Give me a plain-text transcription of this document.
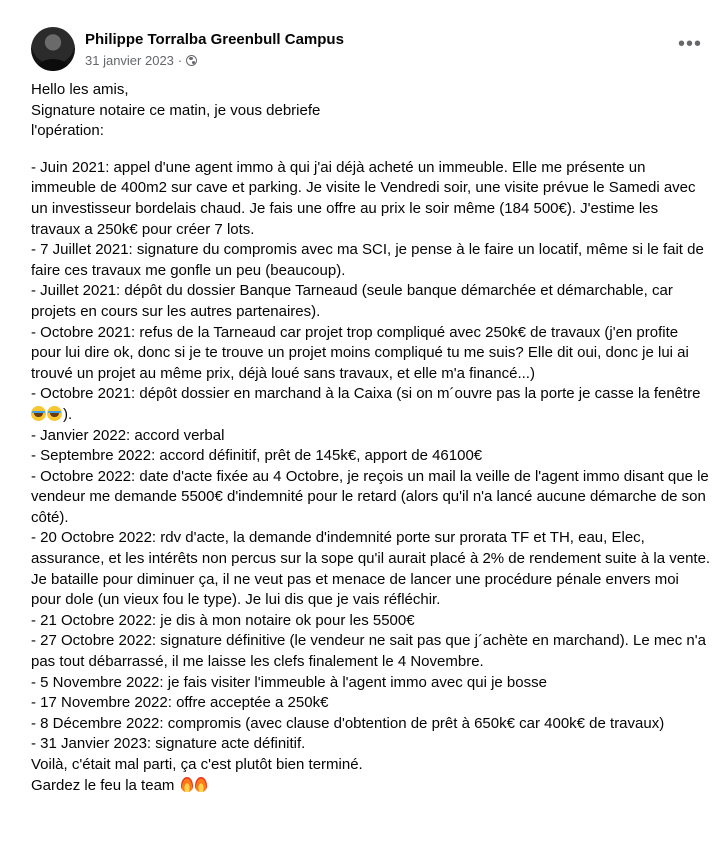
Philippe Torralba Greenbull Campus
31 janvier 2023 ·
•••

Hello les amis,

Signature notaire ce matin, je vous debriefe
l'opération:

- Juin 2021: appel d'une agent immo à qui j'ai déjà acheté un immeuble. Elle me présente un immeuble de 400m2 sur cave et parking. Je visite le Vendredi soir, une visite prévue le Samedi avec un investisseur bordelais chaud. Je fais une offre au prix le soir même (184 500€). J'estime les travaux a 250k€ pour créer 7 lots.

- 7 Juillet 2021: signature du compromis avec ma SCI, je pense à le faire un locatif, même si le fait de faire ces travaux me gonfle un peu (beaucoup).

- Juillet 2021: dépôt du dossier Banque Tarneaud (seule banque démarchée et démarchable, car projets en cours sur les autres partenaires).

- Octobre 2021: refus de la Tarneaud car projet trop compliqué avec 250k€ de travaux (j'en profite pour lui dire ok, donc si je te trouve un projet moins compliqué tu me suis? Elle dit oui, donc je lui ai trouvé un projet au même prix, déjà loué sans travaux, et elle m'a financé...)

- Octobre 2021: dépôt dossier en marchand à la Caixa (si on m´ouvre pas la porte je casse la fenêtre ).

- Janvier 2022: accord verbal

- Septembre 2022: accord définitif, prêt de 145k€, apport de 46100€

- Octobre 2022: date d'acte fixée au 4 Octobre, je reçois un mail la veille de l'agent immo disant que le vendeur me demande 5500€ d'indemnité pour le retard (alors qu'il n'a lancé aucune démarche de son côté).

- 20 Octobre 2022: rdv d'acte, la demande d'indemnité porte sur prorata TF et TH, eau, Elec, assurance, et les intérêts non percus sur la sope qu'il aurait placé à 2% de rendement suite à la vente. Je bataille pour diminuer ça, il ne veut pas et menace de lancer une procédure pénale envers moi pour dole (un vieux fou le type). Je lui dis que je vais réfléchir.

- 21 Octobre 2022: je dis à mon notaire ok pour les 5500€

- 27 Octobre 2022: signature définitive (le vendeur ne sait pas que j´achète en marchand). Le mec n'a pas tout débarrassé, il me laisse les clefs finalement le 4 Novembre.

- 5 Novembre 2022: je fais visiter l'immeuble à l'agent immo avec qui je bosse

- 17 Novembre 2022: offre acceptée a 250k€

- 8 Décembre 2022: compromis (avec clause d'obtention de prêt à 650k€ car 400k€ de travaux)

- 31 Janvier 2023: signature acte définitif.

Voilà, c'était mal parti, ça c'est plutôt bien terminé.

Gardez le feu la team
